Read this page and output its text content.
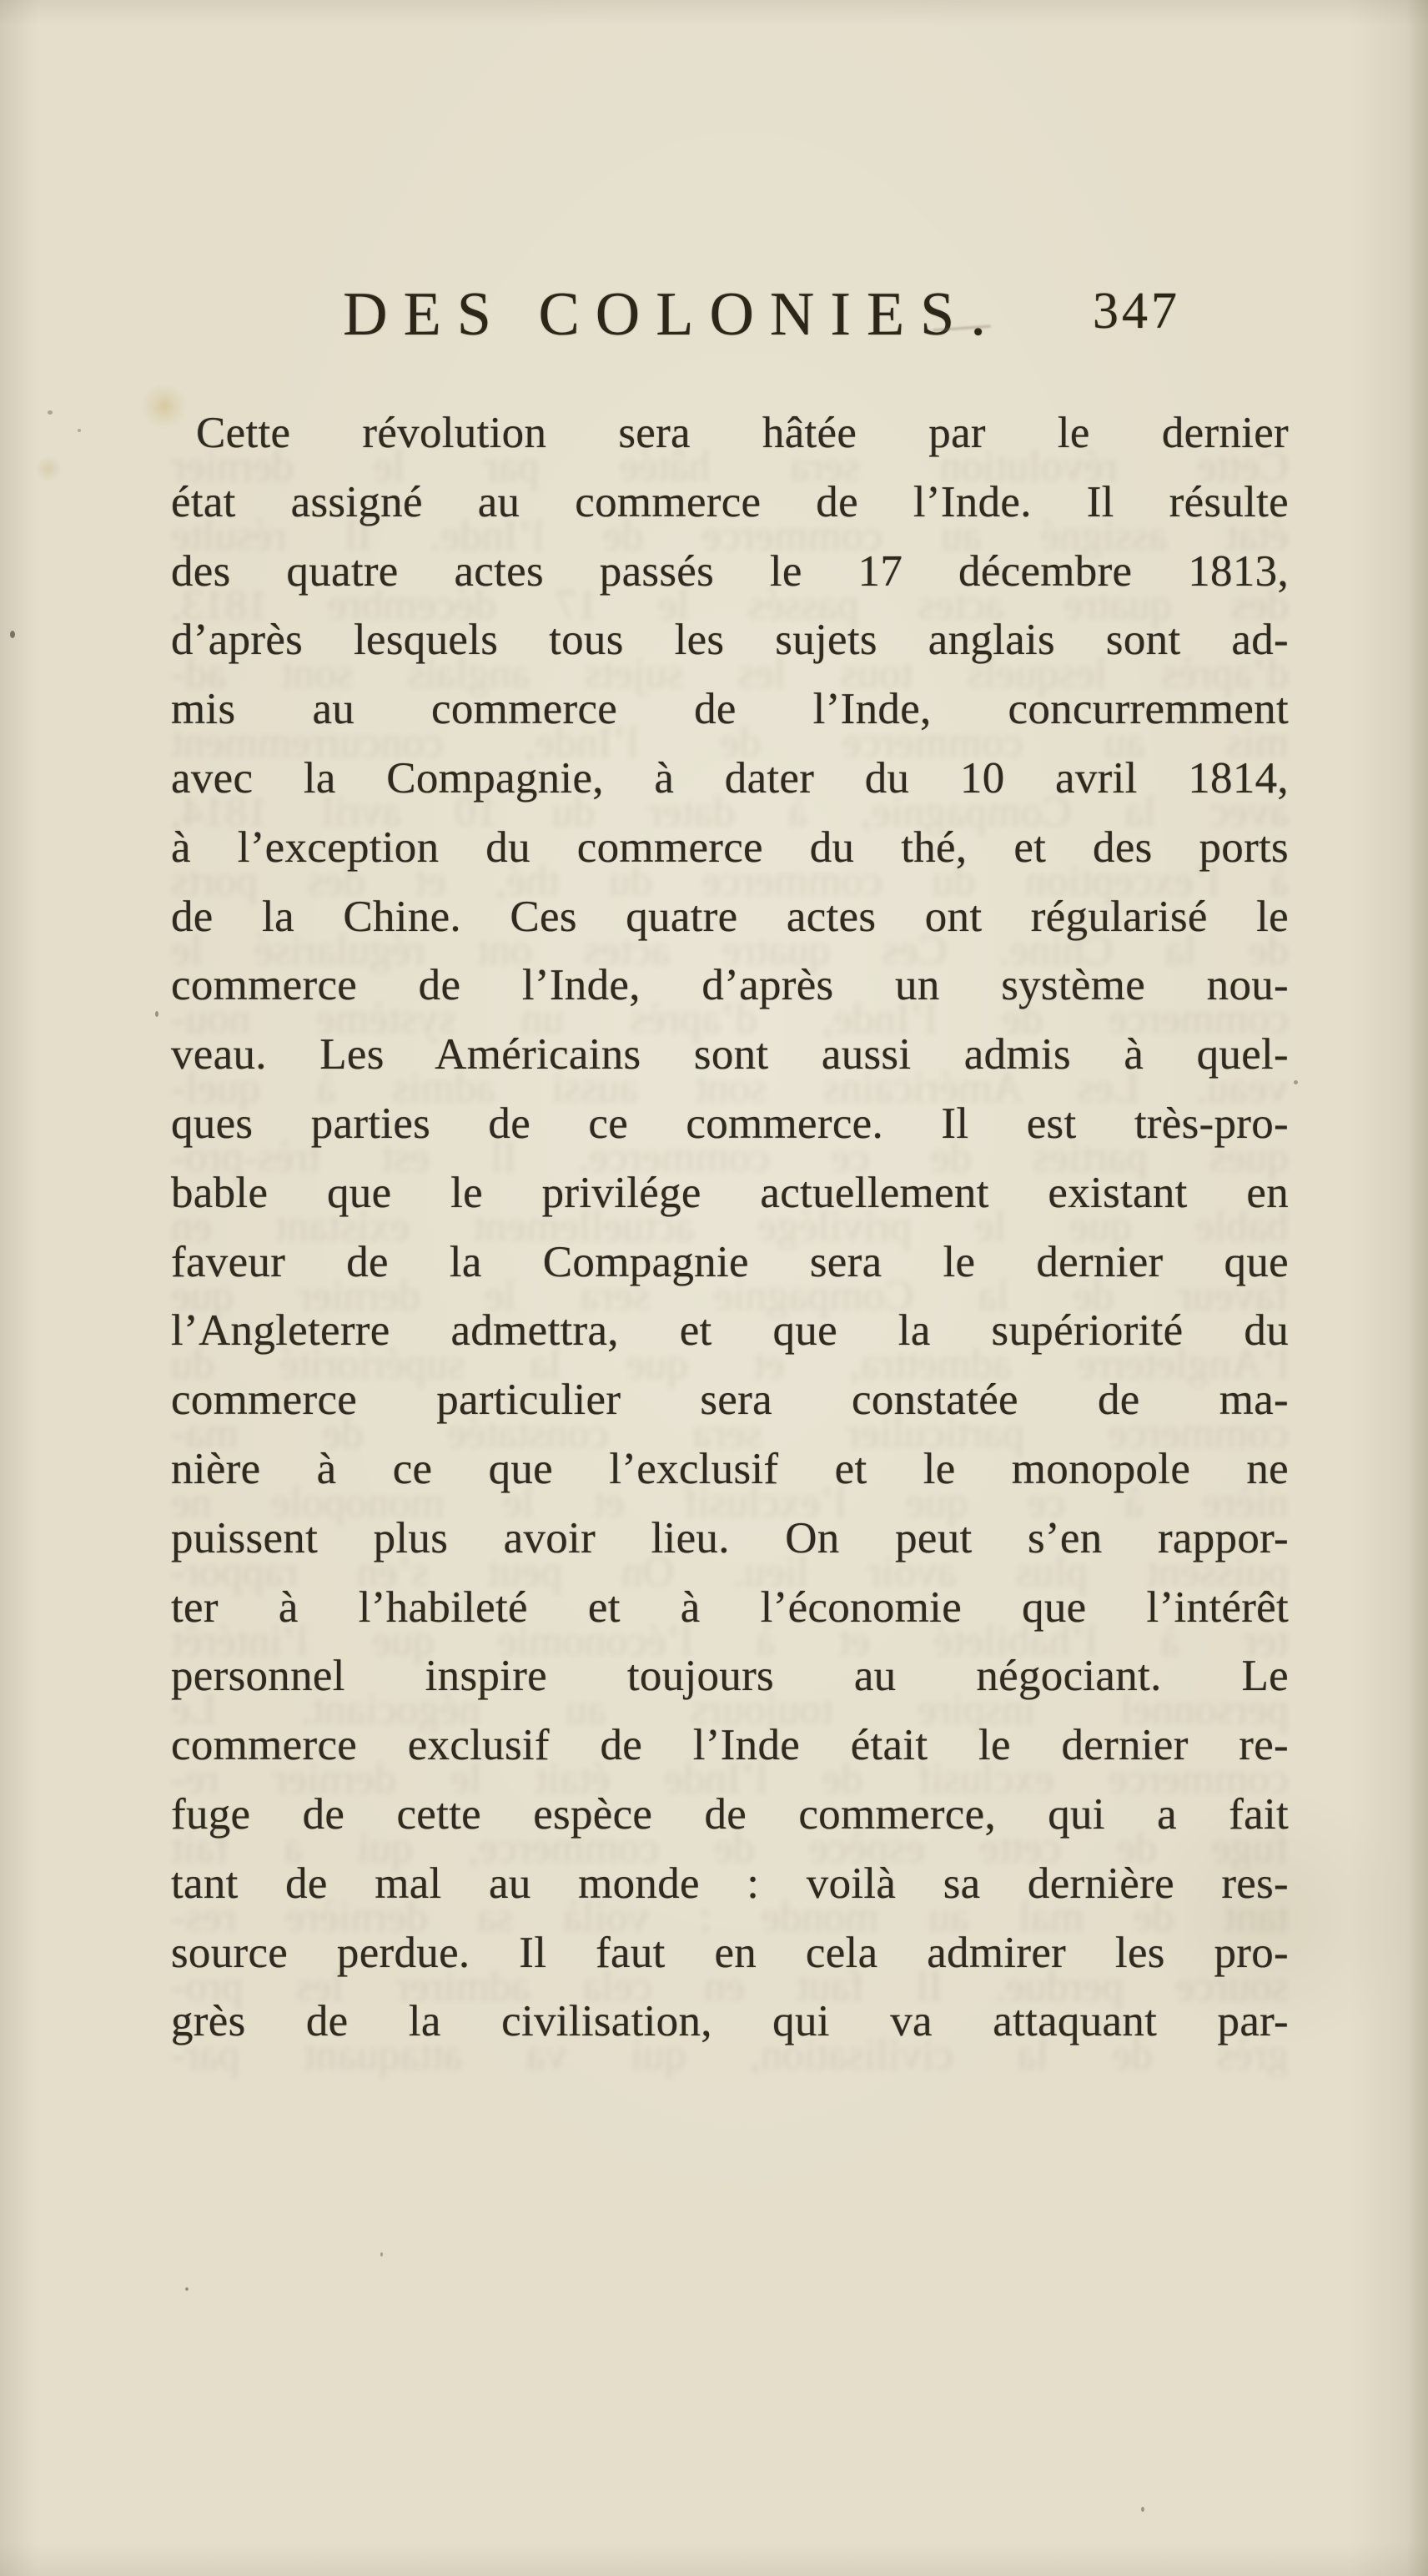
DES COLONIES. 347
Cette révolution sera hâtée par le dernier
état assigné au commerce de l’Inde. Il résulte
des quatre actes passés le 17 décembre 1813,
d’après lesquels tous les sujets anglais sont ad-
mis au commerce de l’Inde, concurremment
avec la Compagnie, à dater du 10 avril 1814,
à l’exception du commerce du thé, et des ports
de la Chine. Ces quatre actes ont régularisé le
commerce de l’Inde, d’après un système nou-
veau. Les Américains sont aussi admis à quel-
ques parties de ce commerce. Il est très-pro-
bable que le privilége actuellement existant en
faveur de la Compagnie sera le dernier que
l’Angleterre admettra, et que la supériorité du
commerce particulier sera constatée de ma-
nière à ce que l’exclusif et le monopole ne
puissent plus avoir lieu. On peut s’en rappor-
ter à l’habileté et à l’économie que l’intérêt
personnel inspire toujours au négociant. Le
commerce exclusif de l’Inde était le dernier re-
fuge de cette espèce de commerce, qui a fait
tant de mal au monde : voilà sa dernière res-
source perdue. Il faut en cela admirer les pro-
grès de la civilisation, qui va attaquant par-
Cette révolution sera hâtée par le dernier
état assigné au commerce de l’Inde. Il résulte
des quatre actes passés le 17 décembre 1813,
d’après lesquels tous les sujets anglais sont ad-
mis au commerce de l’Inde, concurremment
avec la Compagnie, à dater du 10 avril 1814,
à l’exception du commerce du thé, et des ports
de la Chine. Ces quatre actes ont régularisé le
commerce de l’Inde, d’après un système nou-
veau. Les Américains sont aussi admis à quel-
ques parties de ce commerce. Il est très-pro-
bable que le privilége actuellement existant en
faveur de la Compagnie sera le dernier que
l’Angleterre admettra, et que la supériorité du
commerce particulier sera constatée de ma-
nière à ce que l’exclusif et le monopole ne
puissent plus avoir lieu. On peut s’en rappor-
ter à l’habileté et à l’économie que l’intérêt
personnel inspire toujours au négociant. Le
commerce exclusif de l’Inde était le dernier re-
fuge de cette espèce de commerce, qui a fait
tant de mal au monde : voilà sa dernière res-
source perdue. Il faut en cela admirer les pro-
grès de la civilisation, qui va attaquant par-
